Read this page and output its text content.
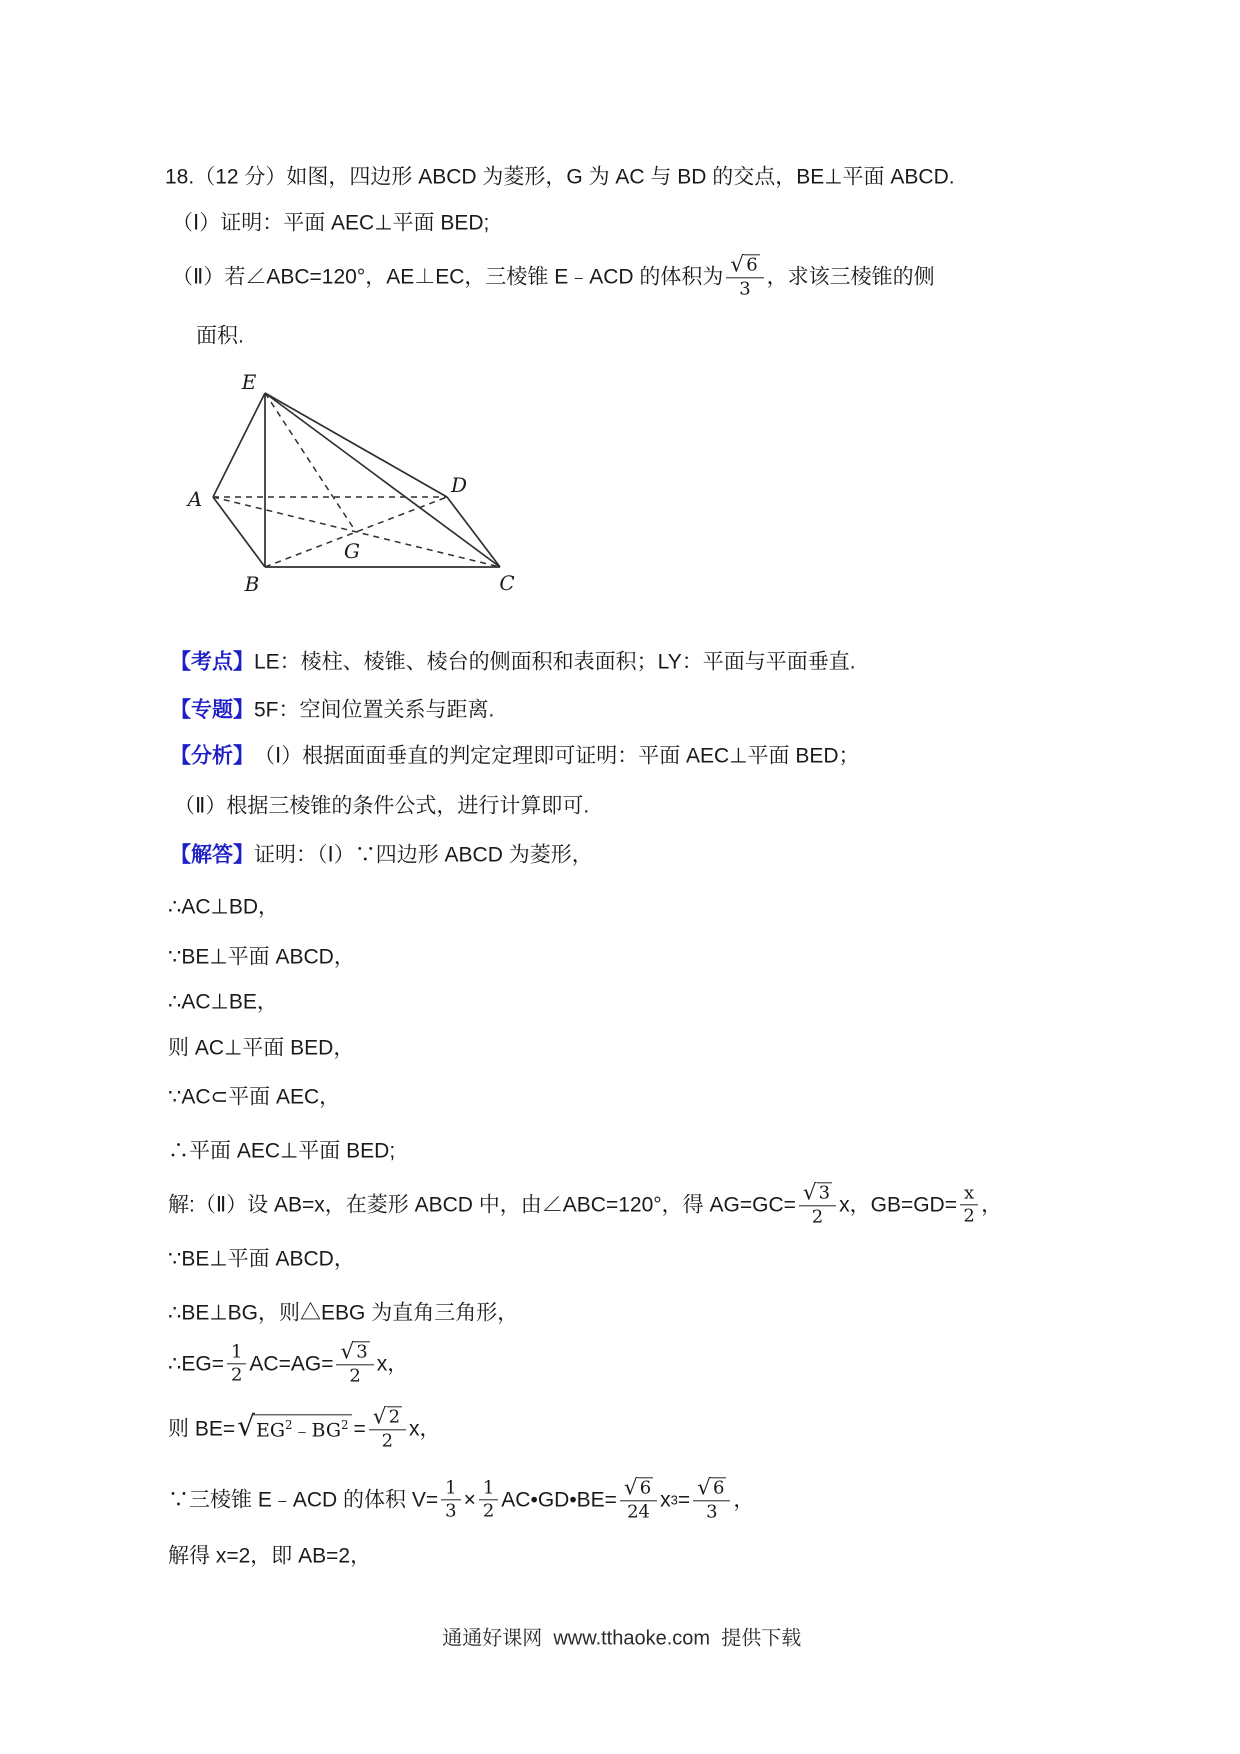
18.（12 分）如图，四边形 ABCD 为菱形，G 为 AC 与 BD 的交点，BE⊥平面 ABCD.
（Ⅰ）证明：平面 AEC⊥平面 BED;
（Ⅱ）若∠ABC=120°，AE⊥EC，三棱锥 E﹣ACD 的体积为 $\frac{√ 6}{3}$ ，求该三棱锥的侧
面积.
【考点】 LE：棱柱、棱锥、棱台的侧面积和表面积；LY：平面与平面垂直.
【专题】 5F：空间位置关系与距离.
【分析】 （Ⅰ）根据面面垂直的判定定理即可证明：平面 AEC⊥平面 BED；
（Ⅱ）根据三棱锥的条件公式，进行计算即可.
【解答】 证明：（Ⅰ）∵四边形 ABCD 为菱形，
∴AC⊥BD，
∵BE⊥平面 ABCD，
∴AC⊥BE，
则 AC⊥平面 BED，
∵AC⊂平面 AEC，
∴平面 AEC⊥平面 BED;
解:（Ⅱ）设 AB=x，在菱形 ABCD 中，由∠ABC=120°，得 $AG=GC= \frac{√ 3}{2}$ x，$GB=GD= \frac{x}{2}$ ，
∵BE⊥平面 ABCD，
∴BE⊥BG，则△EBG 为直角三角形，
∴EG= $\frac{1}{2} AC=AG= \frac{√ 3}{2}$ x，
则 BE= √ $EG^2﹣BG^2 = \frac{√ 2}{2}$ x，
∵三棱锥 E﹣ACD 的体积 $V= \frac{1}{3} \times \frac{1}{2}$ AC•GD•BE= $\frac{√ 6}{24}$ x $3 = \frac{√ 6}{3}$ ，
解得 x=2，即 AB=2，
E
A
D
B	C
G

通通好课网  www.tthaoke.com  提供下载
